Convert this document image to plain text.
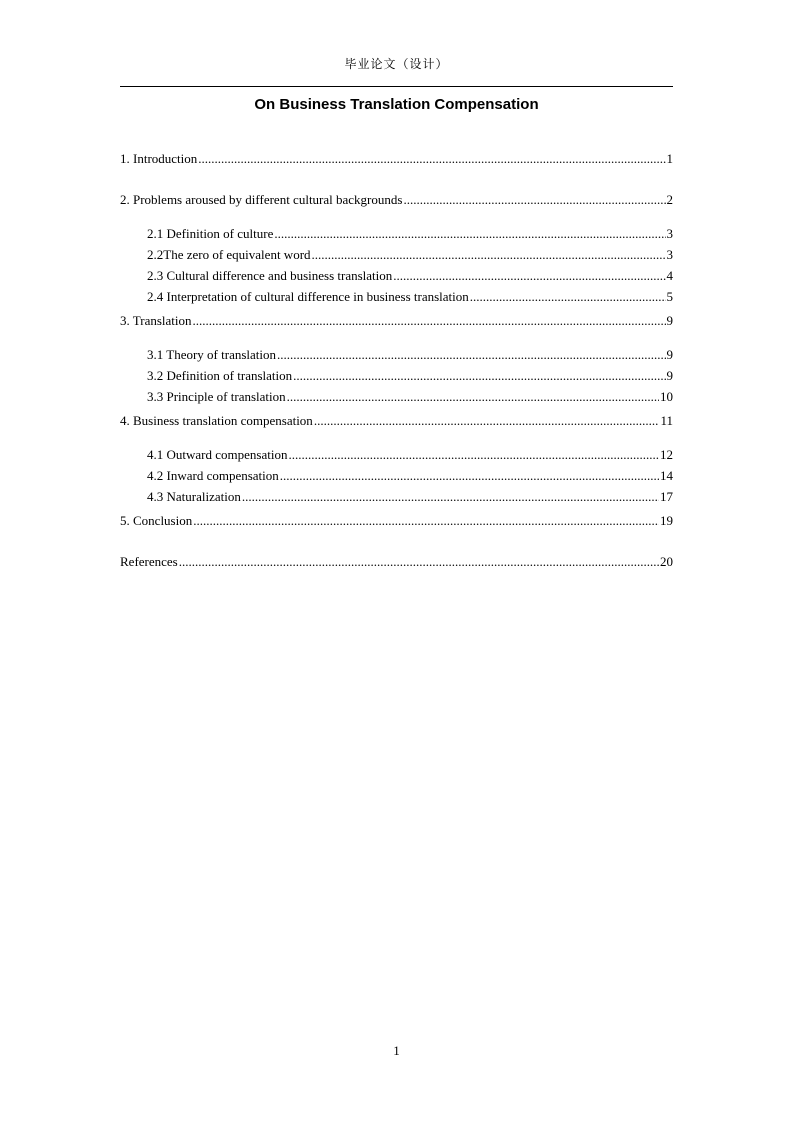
毕业论文（设计）
On Business Translation Compensation
1. Introduction .....	1
2. Problems aroused by different cultural backgrounds .....	2
2.1 Definition of culture .....	3
2.2The zero of equivalent word .....	3
2.3 Cultural difference and business translation .....	4
2.4 Interpretation of cultural difference in business translation .....	5
3. Translation .....	9
3.1 Theory of translation .....	9
3.2 Definition of translation .....	9
3.3 Principle of translation .....	10
4. Business translation compensation .....	11
4.1 Outward compensation .....	12
4.2 Inward compensation .....	14
4.3 Naturalization .....	17
5. Conclusion .....	19
References .....	20
1
